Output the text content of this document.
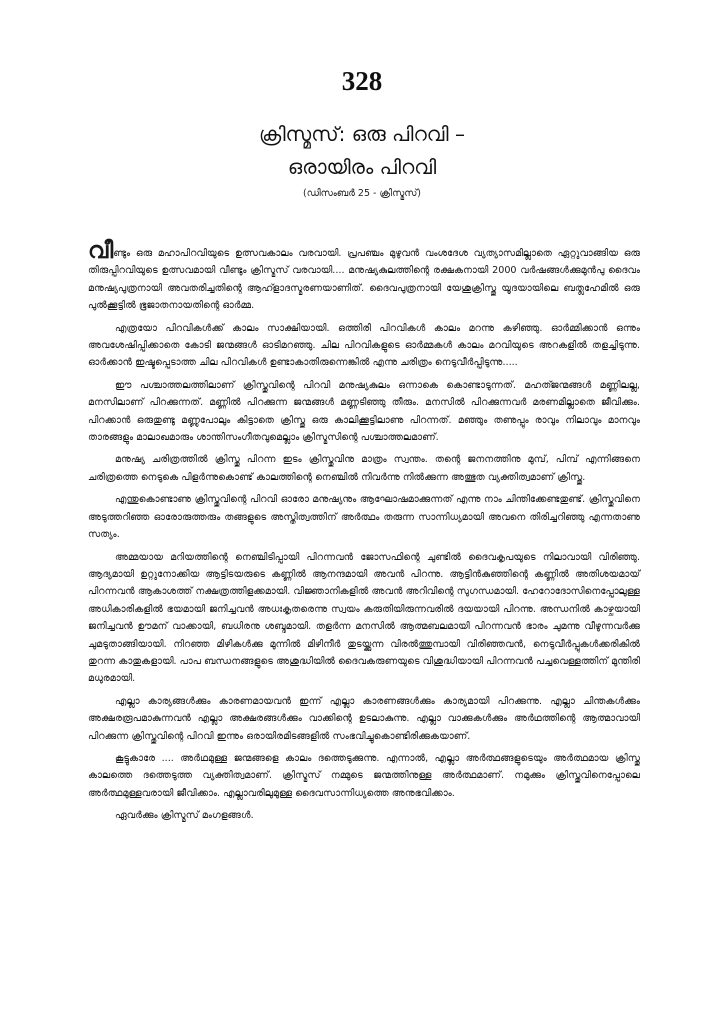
328
ക്രിസ്മസ്: ഒരു പിറവി –
ഒരായിരം പിറവി
(ഡിസംബർ 25 - ക്രിസ്മസ്)

വീണ്ടും ഒരു മഹാപിറവിയുടെ ഉത്സവകാലം വരവായി. പ്രപഞ്ചം മുഴുവൻ വംശദേശ വ്യത്യാസമില്ലാതെ ഏറ്റുവാങ്ങിയ ഒരു തിരുപ്പിറവിയുടെ ഉത്സവമായി വീണ്ടും ക്രിസ്മസ് വരവായി.... മനുഷ്യകുലത്തിന്റെ രക്ഷകനായി 2000 വർഷങ്ങൾക്കുമുൻപു ദൈവം മനുഷ്യപുത്രനായി അവതരിച്ചതിന്റെ ആഹ്ളാദസ്മരണയാണിത്. ദൈവപുത്രനായി യേശുക്രിസ്തു യൂദയായിലെ ബത്ലഹേമിൽ ഒരു പുൽക്കൂട്ടിൽ ഭൂജാതനായതിന്റെ ഓർമ്മ.

എത്രയോ പിറവികൾക്ക് കാലം സാക്ഷിയായി. ഒത്തിരി പിറവികൾ കാലം മറന്നു കഴിഞ്ഞു. ഓർമ്മിക്കാൻ ഒന്നും അവശേഷിപ്പിക്കാതെ കോടി ജന്മങ്ങൾ ഓടിമറഞ്ഞു. ചില പിറവികളുടെ ഓർമ്മകൾ കാലം മറവിയുടെ അറകളിൽ തളച്ചിടുന്നു. ഓർക്കാൻ ഇഷ്ടപ്പെടാത്ത ചില പിറവികൾ ഉണ്ടാകാതിരുന്നെങ്കിൽ എന്നു ചരിത്രം നെടുവീർപ്പിടുന്നു.....

ഈ പശ്ചാത്തലത്തിലാണ് ക്രിസ്തുവിന്റെ പിറവി മനുഷ്യകുലം ഒന്നാകെ കൊണ്ടാടുന്നത്. മഹത്ജന്മങ്ങൾ മണ്ണിലല്ല, മനസിലാണ് പിറക്കുന്നത്. മണ്ണിൽ പിറക്കുന്ന ജന്മങ്ങൾ മണ്ണടിഞ്ഞു തീരും. മനസിൽ പിറക്കുന്നവർ മരണമില്ലാതെ ജീവിക്കും. പിറക്കാൻ ഒരുതുണ്ടു മണ്ണുപോലും കിട്ടാതെ ക്രിസ്തു ഒരു കാലിക്കൂട്ടിലാണു പിറന്നത്. മഞ്ഞും തണുപ്പും രാവും നിലാവും മാനവും താരങ്ങളും മാലാഖമാരും ശാന്തിസംഗീതവുമെല്ലാം ക്രിസ്മസിന്റെ പശ്ചാത്തലമാണ്.

മനുഷ്യ ചരിത്രത്തിൽ ക്രിസ്തു പിറന്ന ഇടം ക്രിസ്തുവിനു മാത്രം സ്വന്തം. തന്റെ ജനനത്തിനു മുമ്പ്, പിമ്പ് എന്നിങ്ങനെ ചരിത്രത്തെ നെടുകെ പിളർന്നുകൊണ്ട് കാലത്തിന്റെ നെഞ്ചിൽ നിവർന്നു നിൽക്കുന്ന അത്ഭുത വ്യക്തിത്വമാണ് ക്രിസ്തു.

എന്തുകൊണ്ടാണു ക്രിസ്തുവിന്റെ പിറവി ഓരോ മനുഷ്യനും ആഘോഷമാക്കുന്നത് എന്നു നാം ചിന്തിക്കേണ്ടതുണ്ട്. ക്രിസ്തുവിനെ അടുത്തറിഞ്ഞ ഓരോരുത്തരും തങ്ങളുടെ അസ്തിത്വത്തിന് അർത്ഥം തരുന്ന സാന്നിധ്യമായി അവനെ തിരിച്ചറിഞ്ഞു എന്നതാണു സത്യം.

അമ്മയായ മറിയത്തിന്റെ നെഞ്ചിടിപ്പായി പിറന്നവൻ ജോസഫിന്റെ ചുണ്ടിൽ ദൈവകൃപയുടെ നിലാവായി വിരിഞ്ഞു. ആദ്യമായി ഉറ്റുനോക്കിയ ആട്ടിടയരുടെ കണ്ണിൽ ആനന്ദമായി അവൻ പിറന്നു. ആട്ടിൻകുഞ്ഞിന്റെ കണ്ണിൽ അതിശയമായ് പിറന്നവൻ ആകാശത്ത് നക്ഷത്രത്തിളക്കമായി. വിജ്ഞാനികളിൽ അവൻ അറിവിന്റെ സുഗന്ധമായി. ഹേറോദോസിനെപ്പോലുള്ള അധികാരികളിൽ ഭയമായി ജനിച്ചവൻ അധഃകൃതരെന്നു സ്വയം കരുതിയിരുന്നവരിൽ ദയയായി പിറന്നു. അന്ധനിൽ കാഴ്ചയായി ജനിച്ചവൻ ഊമന് വാക്കായി, ബധിരനു ശബ്ദമായി. തളർന്ന മനസിൽ ആത്മബലമായി പിറന്നവൻ ഭാരം ചുമന്നു വീഴുന്നവർക്കു ചുമടുതാങ്ങിയായി. നിറഞ്ഞ മിഴികൾക്കു മുന്നിൽ മിഴിനീർ തുടയ്ക്കുന്ന വിരൽത്തുമ്പായി വിരിഞ്ഞവൻ, നെടുവീർപ്പുകൾക്കരികിൽ തുറന്ന കാതുകളായി. പാപ ബന്ധനങ്ങളുടെ അശുദ്ധിയിൽ ദൈവകരുണയുടെ വിശുദ്ധിയായി പിറന്നവൻ പച്ചവെള്ളത്തിന് മുന്തിരി മധുരമായി.

എല്ലാ കാര്യങ്ങൾക്കും കാരണമായവൻ ഇന്ന് എല്ലാ കാരണങ്ങൾക്കും കാര്യമായി പിറക്കുന്നു. എല്ലാ ചിന്തകൾക്കും അക്ഷരരൂപമാകുന്നവൻ എല്ലാ അക്ഷരങ്ങൾക്കും വാക്കിന്റെ ഉടലാകുന്നു. എല്ലാ വാക്കുകൾക്കും അർഥത്തിന്റെ ആത്മാവായി പിറക്കുന്ന ക്രിസ്തുവിന്റെ പിറവി ഇന്നും ഒരായിരമിടങ്ങളിൽ സംഭവിച്ചുകൊണ്ടിരിക്കുകയാണ്.

കൂട്ടുകാരേ .... അർഥമുള്ള ജന്മങ്ങളെ കാലം ദത്തെടുക്കുന്നു. എന്നാൽ, എല്ലാ അർത്ഥങ്ങളുടെയും അർത്ഥമായ ക്രിസ്തു കാലത്തെ ദത്തെടുത്ത വ്യക്തിത്വമാണ്. ക്രിസ്മസ് നമ്മുടെ ജന്മത്തിനുള്ള അർത്ഥമാണ്. നമുക്കും ക്രിസ്തുവിനെപ്പോലെ അർത്ഥമുള്ളവരായി ജീവിക്കാം. എല്ലാവരിലുമുള്ള ദൈവസാന്നിധ്യത്തെ അനുഭവിക്കാം.

ഏവർക്കും ക്രിസ്മസ് മംഗളങ്ങൾ.
